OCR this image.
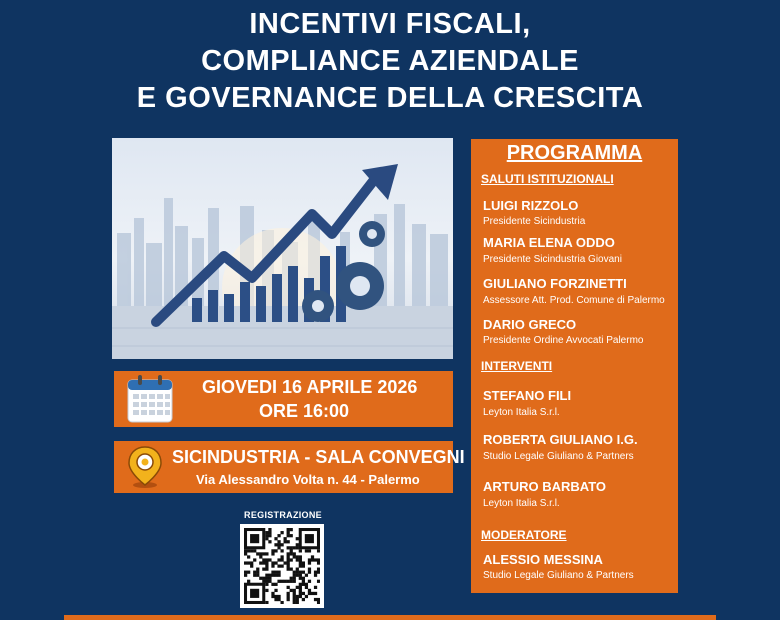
INCENTIVI FISCALI,
COMPLIANCE AZIENDALE
E GOVERNANCE DELLA CRESCITA
GIOVEDI 16 APRILE 2026
ORE 16:00
SICINDUSTRIA - SALA CONVEGNI
Via Alessandro Volta n. 44 - Palermo
REGISTRAZIONE
PROGRAMMA
SALUTI ISTITUZIONALI
LUIGI RIZZOLO
Presidente Sicindustria
MARIA ELENA ODDO
Presidente Sicindustria Giovani
GIULIANO FORZINETTI
Assessore Att. Prod. Comune di Palermo
DARIO GRECO
Presidente Ordine Avvocati Palermo
INTERVENTI
STEFANO FILI
Leyton Italia S.r.l.
ROBERTA GIULIANO I.G.
Studio Legale Giuliano & Partners
ARTURO BARBATO
Leyton Italia S.r.l.
MODERATORE
ALESSIO MESSINA
Studio Legale Giuliano & Partners
